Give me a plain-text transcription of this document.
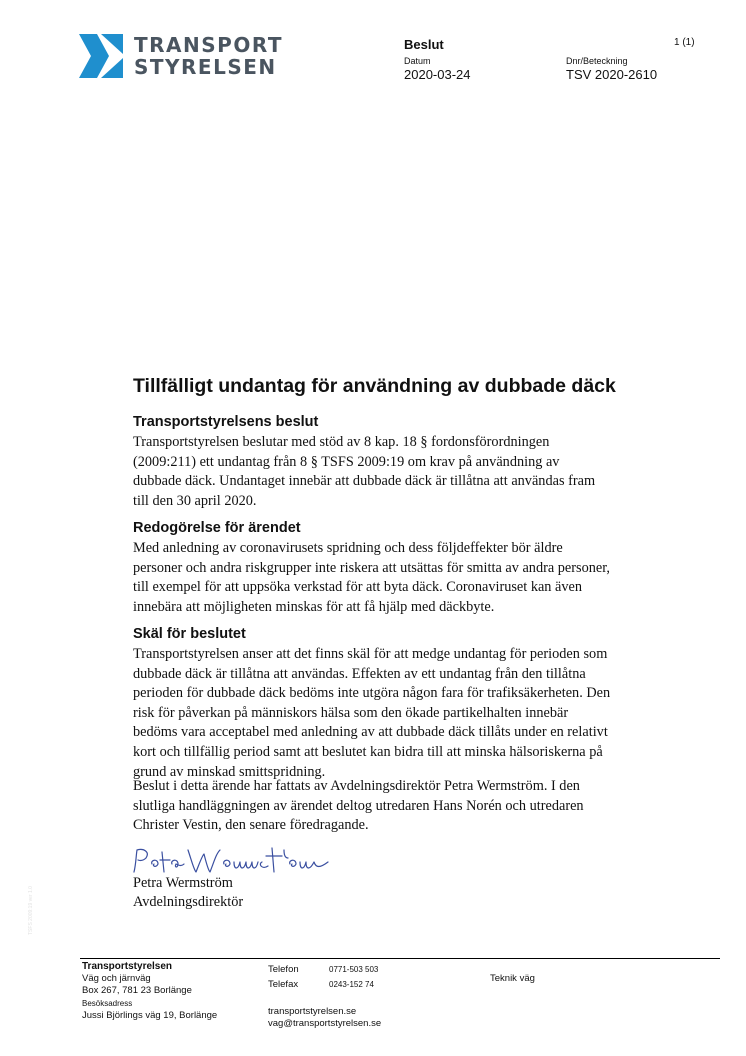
TRANSPORT
STYRELSEN
Beslut
Datum
2020-03-24
Dnr/Beteckning
TSV 2020-2610
1 (1)
Tillfälligt undantag för användning av dubbade däck
Transportstyrelsens beslut

Transportstyrelsen beslutar med stöd av 8 kap. 18 § fordonsförordningen
(2009:211) ett undantag från 8 § TSFS 2009:19 om krav på användning av
dubbade däck. Undantaget innebär att dubbade däck är tillåtna att användas fram
till den 30 april 2020.

Redogörelse för ärendet

Med anledning av coronavirusets spridning och dess följdeffekter bör äldre
personer och andra riskgrupper inte riskera att utsättas för smitta av andra personer,
till exempel för att uppsöka verkstad för att byta däck. Coronaviruset kan även
innebära att möjligheten minskas för att få hjälp med däckbyte.

Skäl för beslutet

Transportstyrelsen anser att det finns skäl för att medge undantag för perioden som
dubbade däck är tillåtna att användas. Effekten av ett undantag från den tillåtna
perioden för dubbade däck bedöms inte utgöra någon fara för trafiksäkerheten. Den
risk för påverkan på människors hälsa som den ökade partikelhalten innebär
bedöms vara acceptabel med anledning av att dubbade däck tillåts under en relativt
kort och tillfällig period samt att beslutet kan bidra till att minska hälsoriskerna på
grund av minskad smittspridning.

Beslut i detta ärende har fattats av Avdelningsdirektör Petra Wermström. I den
slutliga handläggningen av ärendet deltog utredaren Hans Norén och utredaren
Christer Vestin, den senare föredragande.

Petra Wermström
Avdelningsdirektör
Transportstyrelsen
Väg och järnväg
Box 267, 781 23 Borlänge
Besöksadress
Jussi Björlings väg 19, Borlänge
Telefon	0771-503 503
Telefax	0243-152 74
transportstyrelsen.se
vag@transportstyrelsen.se
Teknik väg
TSFS 2009:19 ver 1.0
